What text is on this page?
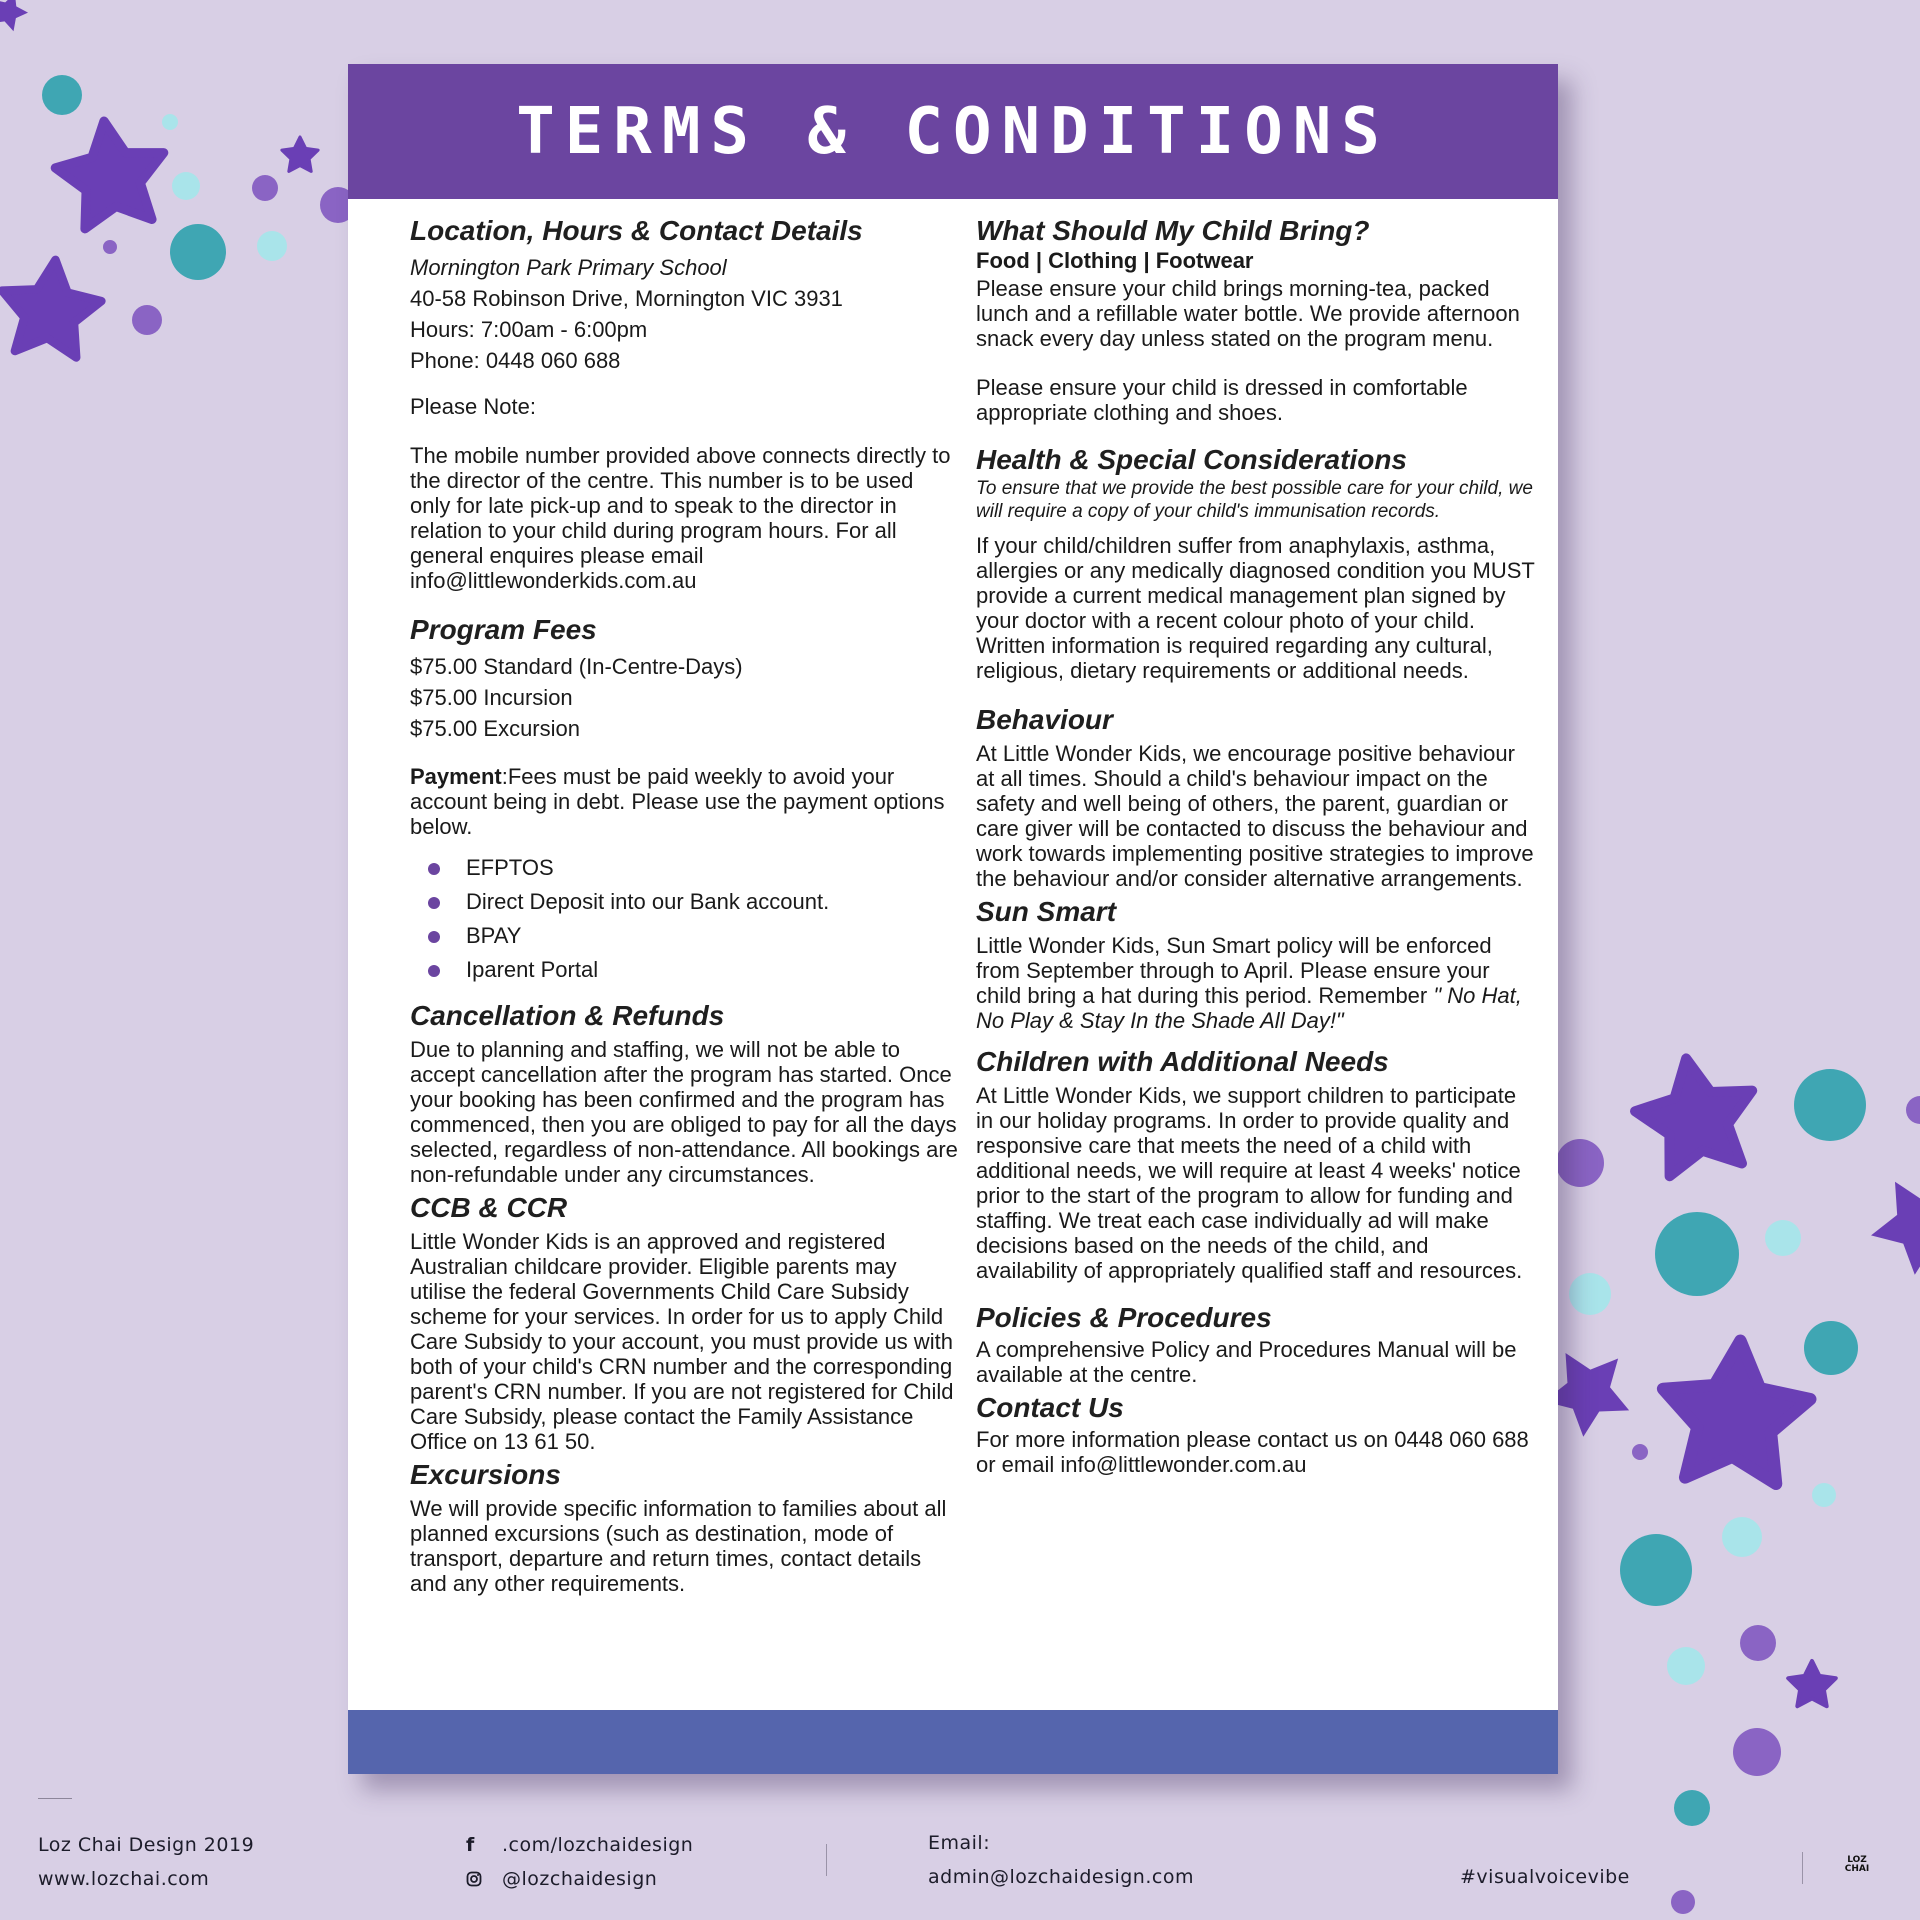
TERMS & CONDITIONS
Location, Hours & Contact Details

Mornington Park Primary School

40-58 Robinson Drive, Mornington VIC 3931

Hours: 7:00am - 6:00pm

Phone: 0448 060 688

Please Note:

The mobile number provided above connects directly to the director of the centre. This number is to be used only for late pick-up and to speak to the director in relation to your child during program hours. For all general enquires please email info@littlewonderkids.com.au

Program Fees

$75.00 Standard (In-Centre-Days)

$75.00 Incursion

$75.00 Excursion

Payment:Fees must be paid weekly to avoid your account being in debt. Please use the payment options below.

EFPTOS
Direct Deposit into our Bank account.
BPAY
Iparent Portal
Cancellation & Refunds

Due to planning and staffing, we will not be able to accept cancellation after the program has started. Once your booking has been confirmed and the program has commenced, then you are obliged to pay for all the days selected, regardless of non-attendance. All bookings are non-refundable under any circumstances.

CCB & CCR

Little Wonder Kids is an approved and registered Australian childcare provider. Eligible parents may utilise the federal Governments Child Care Subsidy scheme for your services. In order for us to apply Child Care Subsidy to your account, you must provide us with both of your child's CRN number and the corresponding parent's CRN number. If you are not registered for Child Care Subsidy, please contact the Family Assistance Office on 13 61 50.

Excursions

We will provide specific information to families about all planned excursions (such as destination, mode of transport, departure and return times, contact details and any other requirements.

What Should My Child Bring?

Food | Clothing | Footwear

Please ensure your child brings morning-tea, packed lunch and a refillable water bottle. We provide afternoon snack every day unless stated on the program menu.

Please ensure your child is dressed in comfortable appropriate clothing and shoes.

Health & Special Considerations

To ensure that we provide the best possible care for your child, we will require a copy of your child's immunisation records.

If your child/children suffer from anaphylaxis, asthma, allergies or any medically diagnosed condition you MUST provide a current medical management plan signed by your doctor with a recent colour photo of your child. Written information is required regarding any cultural, religious, dietary requirements or additional needs.

Behaviour

At Little Wonder Kids, we encourage positive behaviour at all times. Should a child's behaviour impact on the safety and well being of others, the parent, guardian or care giver will be contacted to discuss the behaviour and work towards implementing positive strategies to improve the behaviour and/or consider alternative arrangements.

Sun Smart

Little Wonder Kids, Sun Smart policy will be enforced from September through to April. Please ensure your child bring a hat during this period. Remember " No Hat, No Play & Stay In the Shade All Day!"

Children with Additional Needs

At Little Wonder Kids, we support children to participate in our holiday programs. In order to provide quality and responsive care that meets the need of a child with additional needs, we will require at least 4 weeks' notice prior to the start of the program to allow for funding and staffing. We treat each case individually ad will make decisions based on the needs of the child, and availability of appropriately qualified staff and resources.

Policies & Procedures

A comprehensive Policy and Procedures Manual will be available at the centre.

Contact Us

For more information please contact us on 0448 060 688 or email info@littlewonder.com.au

Loz Chai Design 2019
www.lozchai.com
f .com/lozchaidesign
@lozchaidesign
Email:
admin@lozchaidesign.com	#visualvoicevibe
LOZ
CHAI
